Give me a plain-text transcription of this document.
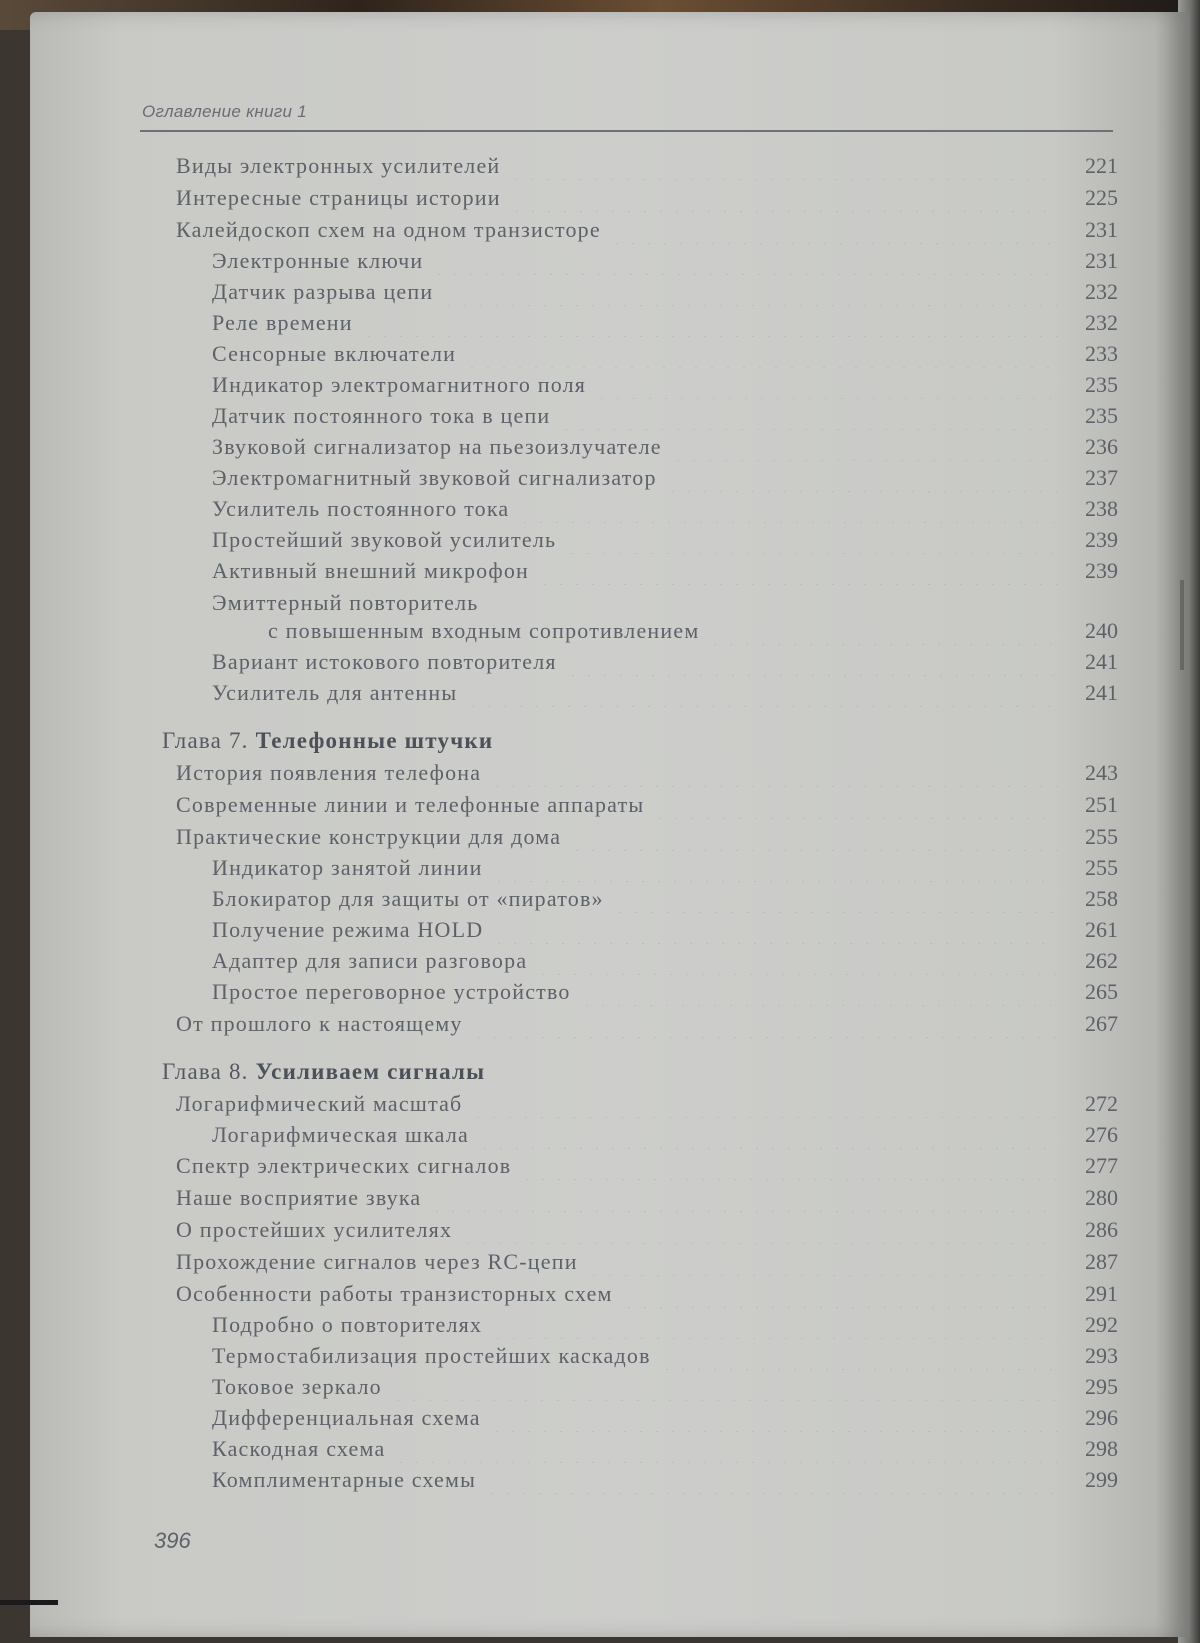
Оглавление книги 1
Виды электронных усилителей	221
Интересные страницы истории	225
Калейдоскоп схем на одном транзисторе	231
Электронные ключи	231
Датчик разрыва цепи	232
Реле времени	232
Сенсорные включатели	233
Индикатор электромагнитного поля	235
Датчик постоянного тока в цепи	235
Звуковой сигнализатор на пьезоизлучателе	236
Электромагнитный звуковой сигнализатор	237
Усилитель постоянного тока	238
Простейший звуковой усилитель	239
Активный внешний микрофон	239
Эмиттерный повторитель
с повышенным входным сопротивлением	240
Вариант истокового повторителя	241
Усилитель для антенны	241
Глава 7. Телефонные штучки
История появления телефона	243
Современные линии и телефонные аппараты	251
Практические конструкции для дома	255
Индикатор занятой линии	255
Блокиратор для защиты от «пиратов»	258
Получение режима HOLD	261
Адаптер для записи разговора	262
Простое переговорное устройство	265
От прошлого к настоящему	267
Глава 8. Усиливаем сигналы
Логарифмический масштаб	272
Логарифмическая шкала	276
Спектр электрических сигналов	277
Наше восприятие звука	280
О простейших усилителях	286
Прохождение сигналов через RC-цепи	287
Особенности работы транзисторных схем	291
Подробно о повторителях	292
Термостабилизация простейших каскадов	293
Токовое зеркало	295
Дифференциальная схема	296
Каскодная схема	298
Комплиментарные схемы	299
396
